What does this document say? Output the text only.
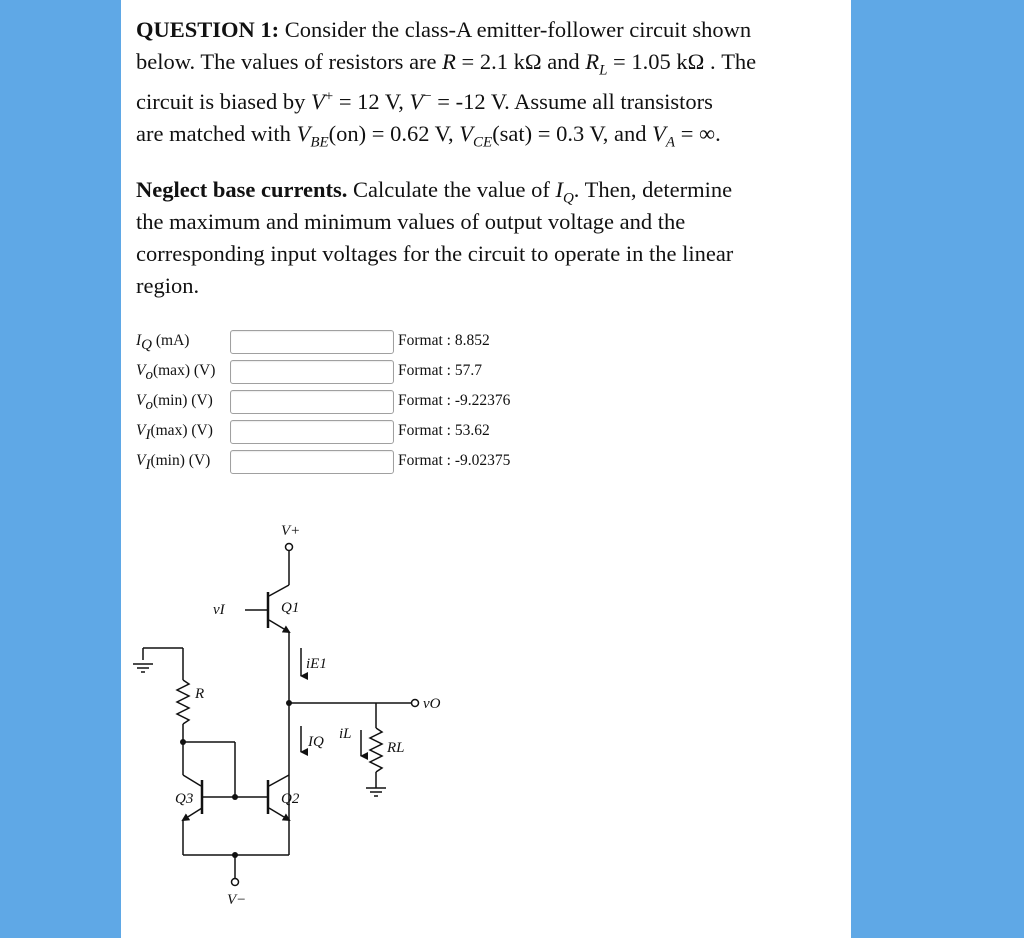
QUESTION 1: Consider the class-A emitter-follower circuit shown
below. The values of resistors are R = 2.1 kΩ and $R_L = 1.05$ kΩ . The
circuit is biased by V+ = 12 V, V− = -12 V. Assume all transistors
are matched with $V_{BE}(on) = 0.62$ V, $V_{CE}(sat) = 0.3$ V, and $V_A$ = ∞.
Neglect base currents. Calculate the value of $I_Q$. Then, determine
the maximum and minimum values of output voltage and the
corresponding input voltages for the circuit to operate in the linear
region.
$I_Q$ (mA)	Format : 8.852
$V_o(\max)$ (V)	Format : 57.7
$V_o(\min)$ (V)	Format : -9.22376
$V_I(\max)$ (V)	Format : 53.62
$V_I(\min)$ (V)	Format : -9.02375
V+
vI	Q1
iE1
R
vO
IQ iL
RL
Q3	Q2
V−
